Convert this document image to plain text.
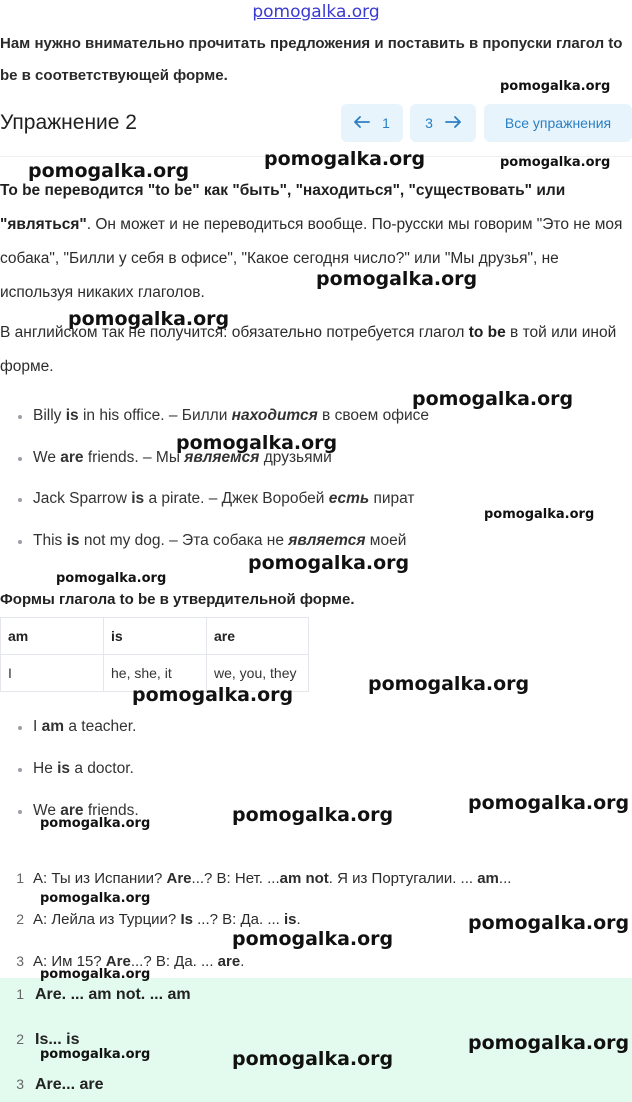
pomogalka.org
Нам нужно внимательно прочитать предложения и поставить в пропуски глагол to be в соответствующей форме.
Упражнение 2	1	3	Все упражнения
To be переводится "to be" как "быть", "находиться", "существовать" или "являться". Он может и не переводиться вообще. По-русски мы говорим "Это не моя собака", "Билли у себя в офисе", "Какое сегодня число?" или "Мы друзья", не используя никаких глаголов.
В английском так не получится: обязательно потребуется глагол to be в той или иной форме.
Billy is in his office. – Билли находится в своем офисе
We are friends. – Мы являемся друзьями
Jack Sparrow is a pirate. – Джек Воробей есть пират
This is not my dog. – Эта собака не является моей
Формы глагола to be в утвердительной форме.
am	is	are
I	he, she, it	we, you, they
I am a teacher.
He is a doctor.
We are friends.
1 A: Ты из Испании? Are...? B: Нет. ...am not. Я из Португалии. ... am...
2 A: Лейла из Турции? Is ...? B: Да. ... is.
3 A: Им 15? Are...? B: Да. ... are.
1 Are. ... am not. ... am
2 Is... is
3 Are... are
pomogalka.org
pomogalka.org
pomogalka.org	pomogalka.org
pomogalka.org
pomogalka.org
pomogalka.org
pomogalka.org
pomogalka.org
pomogalka.org
pomogalka.org
pomogalka.org
pomogalka.org
pomogalka.org
pomogalka.org
pomogalka.org
pomogalka.org
pomogalka.org
pomogalka.org
pomogalka.org
pomogalka.org
pomogalka.org	pomogalka.org
